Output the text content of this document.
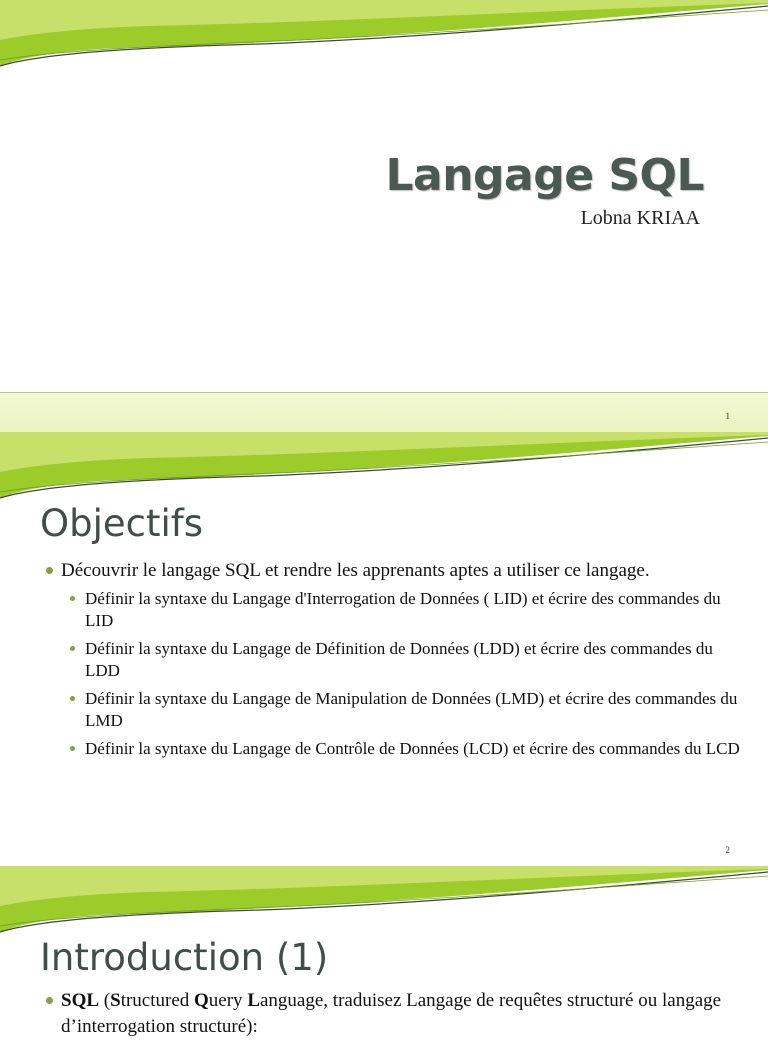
Langage SQL

Lobna KRIAA

1
Objectifs
Découvrir le langage SQL et rendre les apprenants aptes a utiliser ce langage.
Définir la syntaxe du Langage d'Interrogation de Données ( LID) et écrire des commandes du LID
Définir la syntaxe du Langage de Définition de Données (LDD) et écrire des commandes du LDD
Définir la syntaxe du Langage de Manipulation de Données (LMD) et écrire des commandes du LMD
Définir la syntaxe du Langage de Contrôle de Données (LCD) et écrire des commandes du LCD
2
Introduction (1)
SQL (Structured Query Language, traduisez Langage de requêtes structuré ou langage d’interrogation structuré):
